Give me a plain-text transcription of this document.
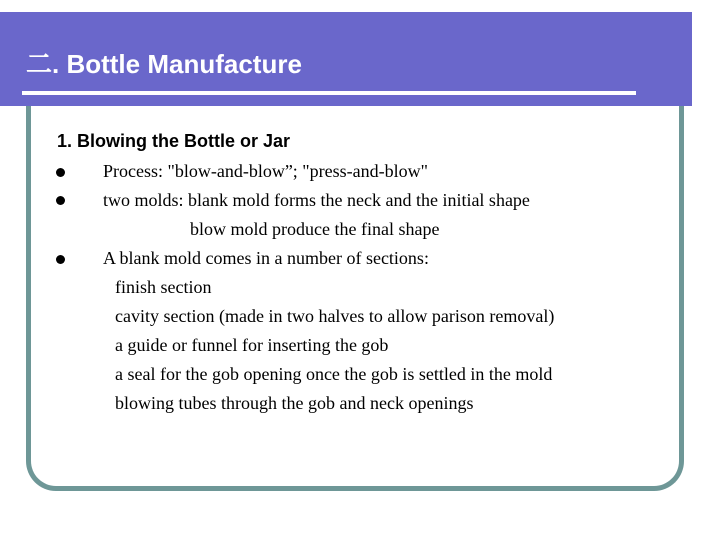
二. Bottle Manufacture
1. Blowing the Bottle or Jar
Process: "blow-and-blow”; "press-and-blow"
two molds: blank mold forms the neck and the initial shape
blow mold produce the final shape
A blank mold comes in a number of sections:
finish section
cavity section (made in two halves to allow parison removal)
a guide or funnel for inserting the gob
a seal for the gob opening once the gob is settled in the mold
blowing tubes through the gob and neck openings
